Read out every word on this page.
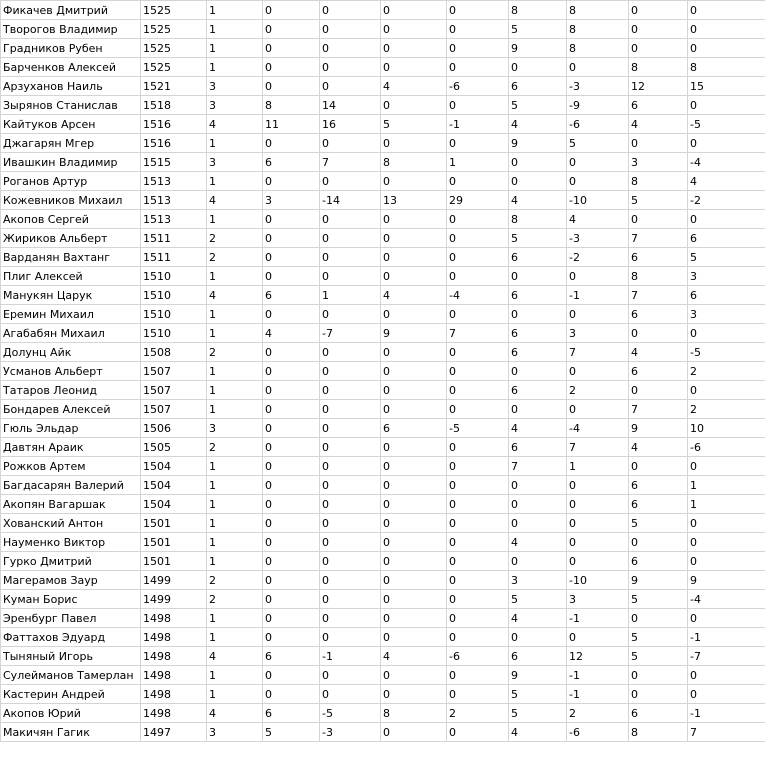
Фикачев Дмитрий	1525	1	0	0	0	0	8	8	0	0
Творогов Владимир	1525	1	0	0	0	0	5	8	0	0
Градников Рубен	1525	1	0	0	0	0	9	8	0	0
Барченков Алексей	1525	1	0	0	0	0	0	0	8	8
Арзуханов Наиль	1521	3	0	0	4	-6	6	-3	12	15
Зырянов Станислав	1518	3	8	14	0	0	5	-9	6	0
Кайтуков Арсен	1516	4	11	16	5	-1	4	-6	4	-5
Джагарян Мгер	1516	1	0	0	0	0	9	5	0	0
Ивашкин Владимир	1515	3	6	7	8	1	0	0	3	-4
Роганов Артур	1513	1	0	0	0	0	0	0	8	4
Кожевников Михаил	1513	4	3	-14	13	29	4	-10	5	-2
Акопов Сергей	1513	1	0	0	0	0	8	4	0	0
Жириков Альберт	1511	2	0	0	0	0	5	-3	7	6
Варданян Вахтанг	1511	2	0	0	0	0	6	-2	6	5
Плиг Алексей	1510	1	0	0	0	0	0	0	8	3
Манукян Царук	1510	4	6	1	4	-4	6	-1	7	6
Еремин Михаил	1510	1	0	0	0	0	0	0	6	3
Агабабян Михаил	1510	1	4	-7	9	7	6	3	0	0
Долунц Айк	1508	2	0	0	0	0	6	7	4	-5
Усманов Альберт	1507	1	0	0	0	0	0	0	6	2
Татаров Леонид	1507	1	0	0	0	0	6	2	0	0
Бондарев Алексей	1507	1	0	0	0	0	0	0	7	2
Гюль Эльдар	1506	3	0	0	6	-5	4	-4	9	10
Давтян Араик	1505	2	0	0	0	0	6	7	4	-6
Рожков Артем	1504	1	0	0	0	0	7	1	0	0
Багдасарян Валерий	1504	1	0	0	0	0	0	0	6	1
Акопян Вагаршак	1504	1	0	0	0	0	0	0	6	1
Хованский Антон	1501	1	0	0	0	0	0	0	5	0
Науменко Виктор	1501	1	0	0	0	0	4	0	0	0
Гурко Дмитрий	1501	1	0	0	0	0	0	0	6	0
Магерамов Заур	1499	2	0	0	0	0	3	-10	9	9
Куман Борис	1499	2	0	0	0	0	5	3	5	-4
Эренбург Павел	1498	1	0	0	0	0	4	-1	0	0
Фаттахов Эдуард	1498	1	0	0	0	0	0	0	5	-1
Тыняный Игорь	1498	4	6	-1	4	-6	6	12	5	-7
Сулейманов Тамерлан	1498	1	0	0	0	0	9	-1	0	0
Кастерин Андрей	1498	1	0	0	0	0	5	-1	0	0
Акопов Юрий	1498	4	6	-5	8	2	5	2	6	-1
Макичян Гагик	1497	3	5	-3	0	0	4	-6	8	7
